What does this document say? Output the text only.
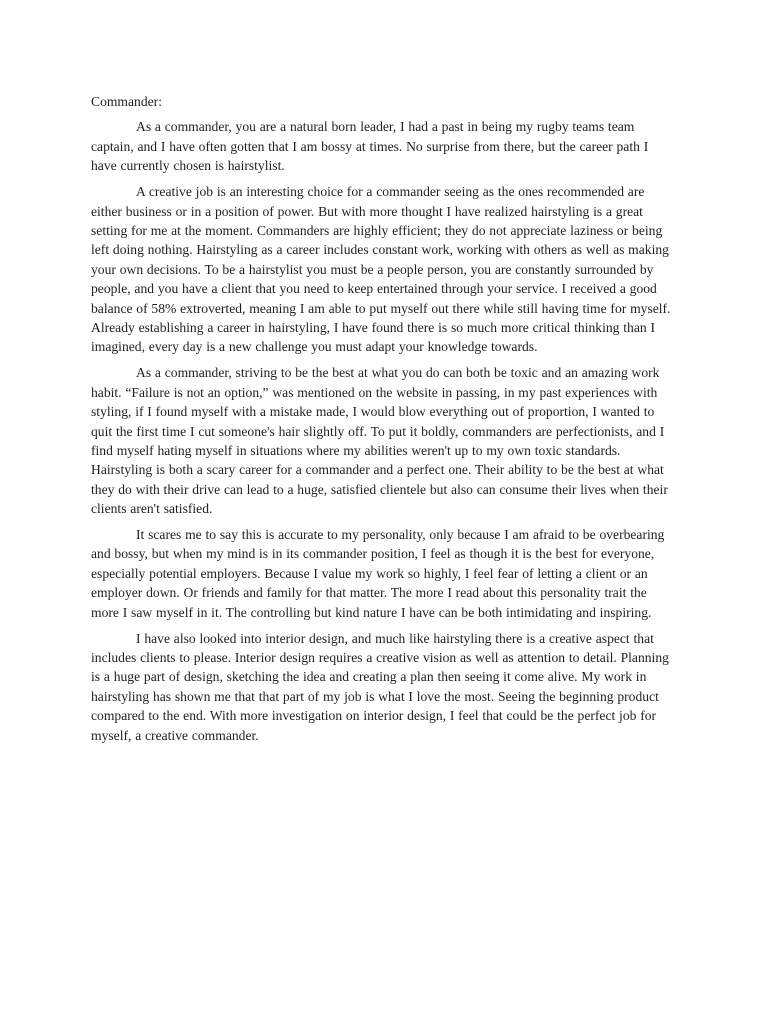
Commander:

As a commander, you are a natural born leader, I had a past in being my rugby teams team captain, and I have often gotten that I am bossy at times. No surprise from there, but the career path I have currently chosen is hairstylist.

A creative job is an interesting choice for a commander seeing as the ones recommended are either business or in a position of power. But with more thought I have realized hairstyling is a great setting for me at the moment. Commanders are highly efficient; they do not appreciate laziness or being left doing nothing. Hairstyling as a career includes constant work, working with others as well as making your own decisions. To be a hairstylist you must be a people person, you are constantly surrounded by people, and you have a client that you need to keep entertained through your service. I received a good balance of 58% extroverted, meaning I am able to put myself out there while still having time for myself. Already establishing a career in hairstyling, I have found there is so much more critical thinking than I imagined, every day is a new challenge you must adapt your knowledge towards.

As a commander, striving to be the best at what you do can both be toxic and an amazing work habit. “Failure is not an option,” was mentioned on the website in passing, in my past experiences with styling, if I found myself with a mistake made, I would blow everything out of proportion, I wanted to quit the first time I cut someone's hair slightly off. To put it boldly, commanders are perfectionists, and I find myself hating myself in situations where my abilities weren't up to my own toxic standards. Hairstyling is both a scary career for a commander and a perfect one. Their ability to be the best at what they do with their drive can lead to a huge, satisfied clientele but also can consume their lives when their clients aren't satisfied.

It scares me to say this is accurate to my personality, only because I am afraid to be overbearing and bossy, but when my mind is in its commander position, I feel as though it is the best for everyone, especially potential employers. Because I value my work so highly, I feel fear of letting a client or an employer down. Or friends and family for that matter. The more I read about this personality trait the more I saw myself in it. The controlling but kind nature I have can be both intimidating and inspiring.

I have also looked into interior design, and much like hairstyling there is a creative aspect that includes clients to please. Interior design requires a creative vision as well as attention to detail. Planning is a huge part of design, sketching the idea and creating a plan then seeing it come alive. My work in hairstyling has shown me that that part of my job is what I love the most. Seeing the beginning product compared to the end. With more investigation on interior design, I feel that could be the perfect job for myself, a creative commander.
